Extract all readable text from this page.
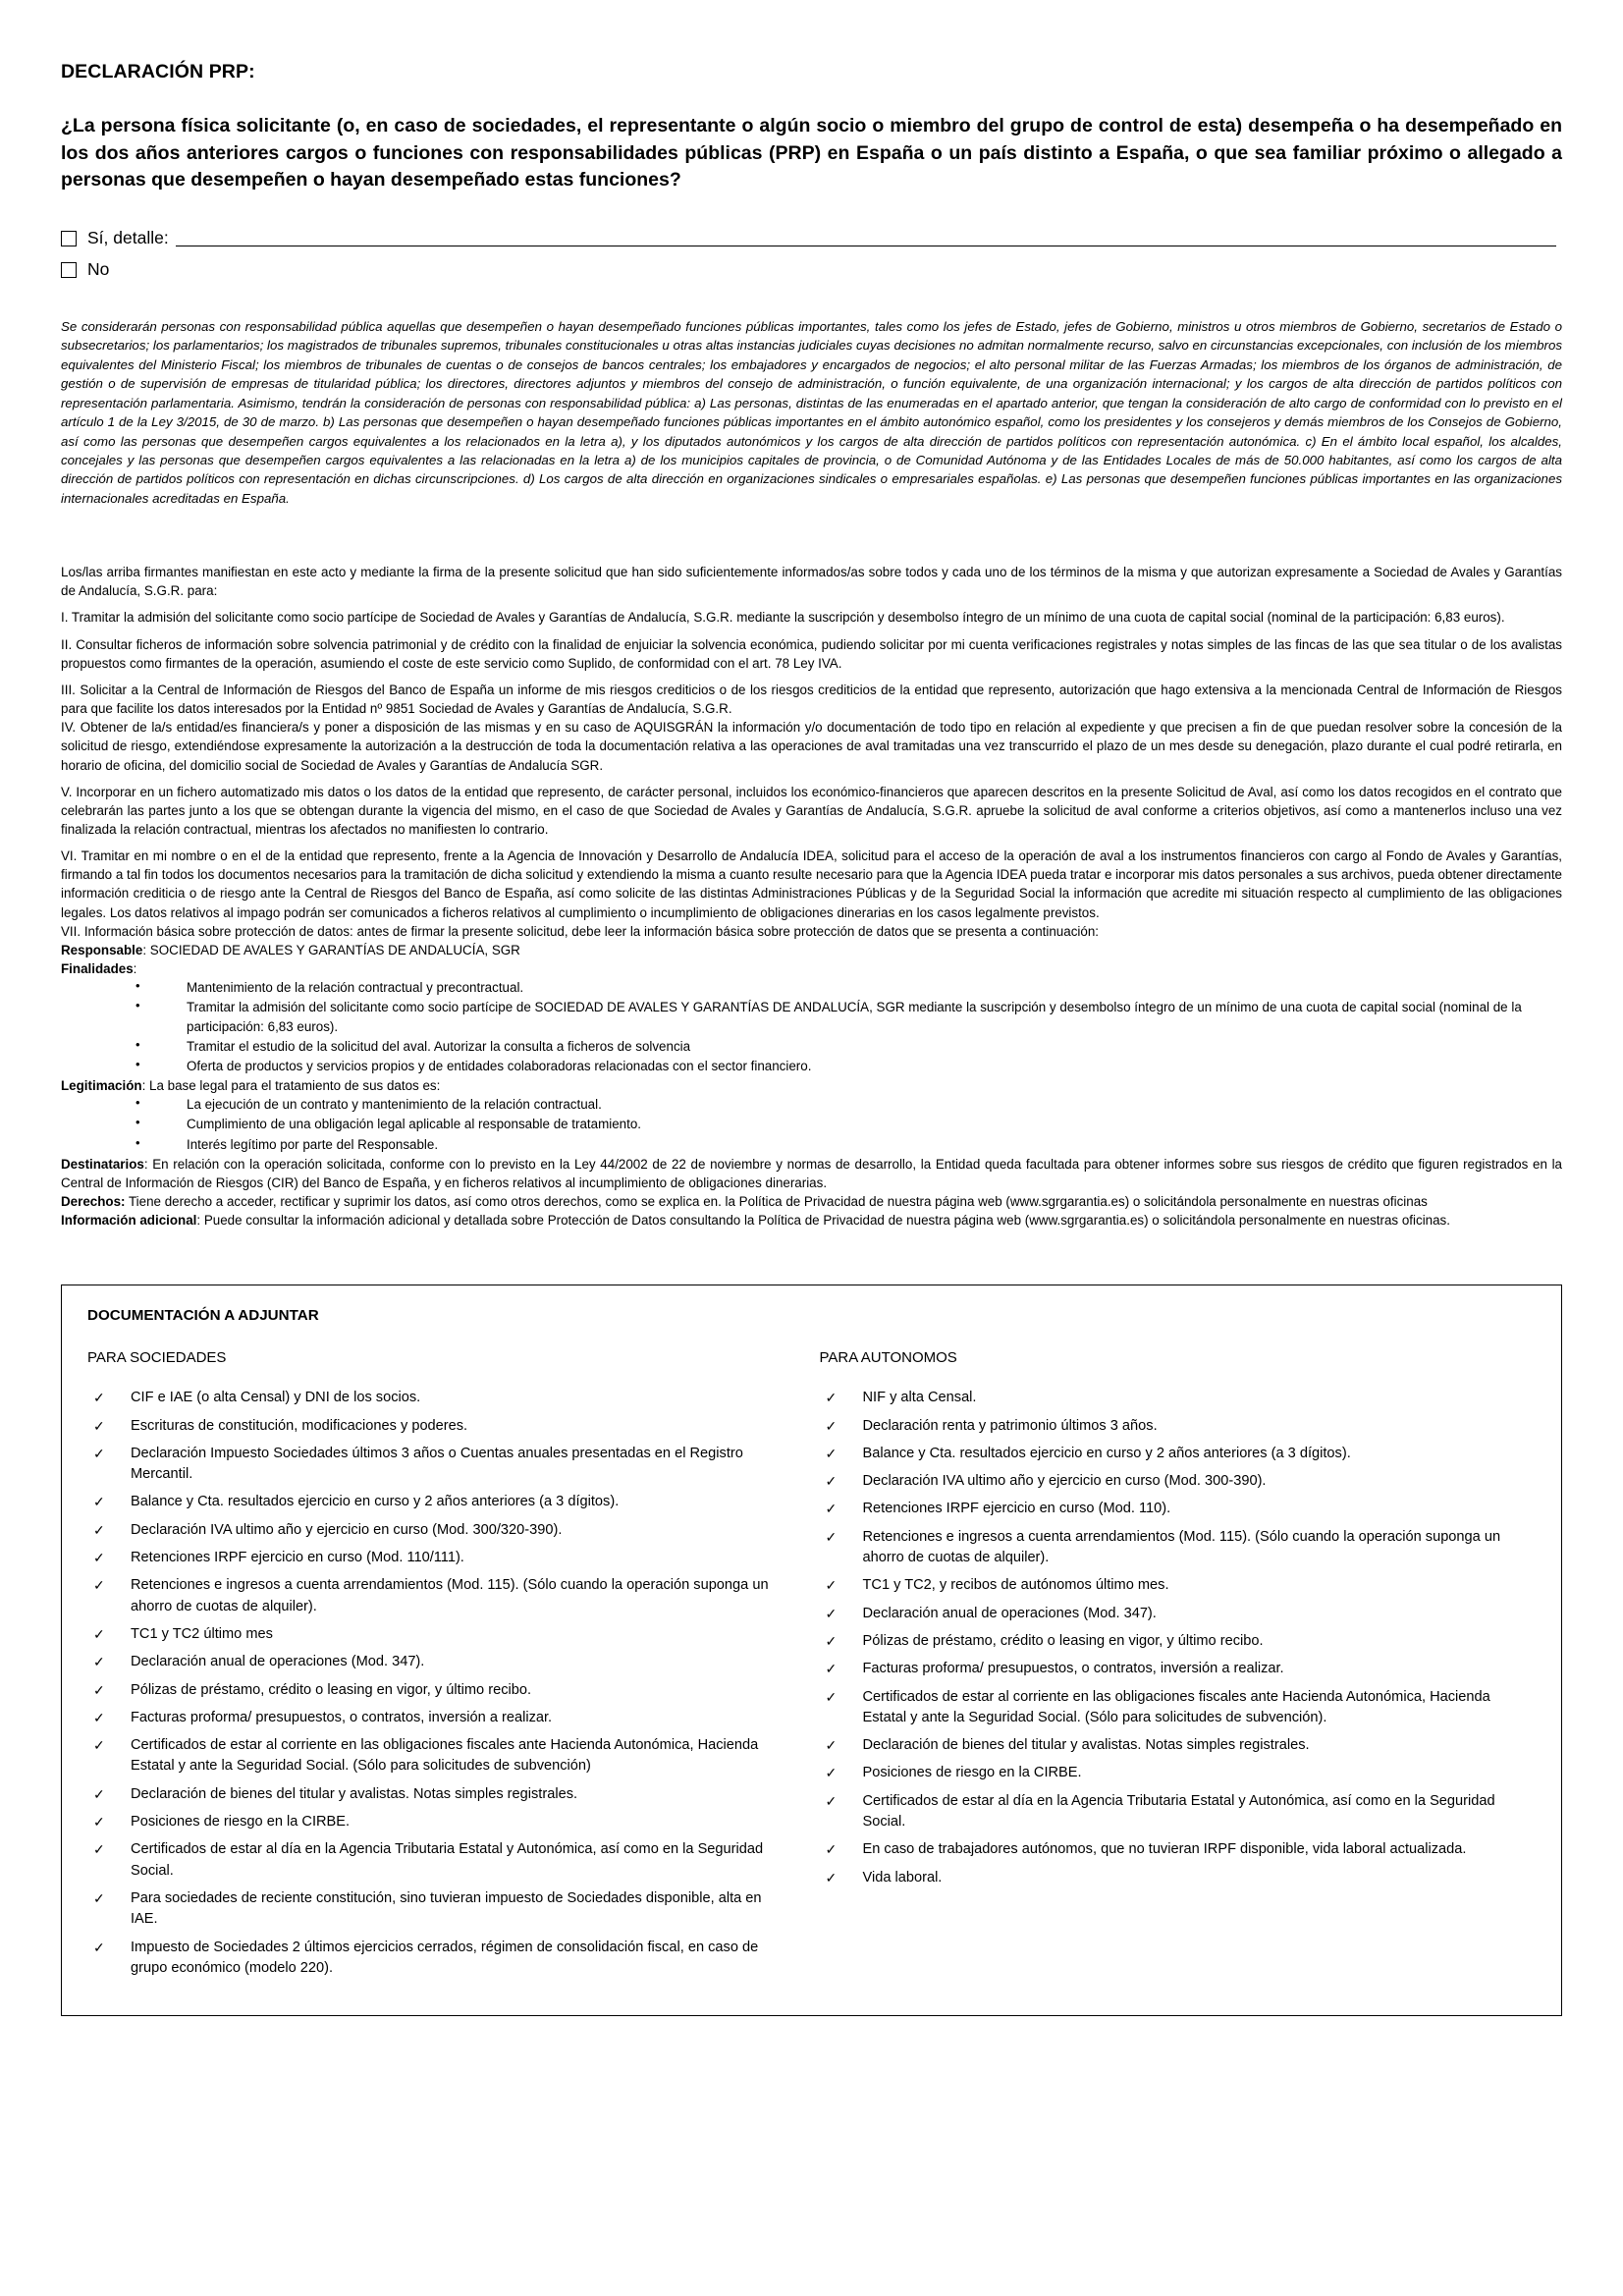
DECLARACIÓN PRP:

¿La persona física solicitante (o, en caso de sociedades, el representante o algún socio o miembro del grupo de control de esta) desempeña o ha desempeñado en los dos años anteriores cargos o funciones con responsabilidades públicas (PRP) en España o un país distinto a España, o que sea familiar próximo o allegado a personas que desempeñen o hayan desempeñado estas funciones?

Sí, detalle:
No

Se considerarán personas con responsabilidad pública aquellas que desempeñen o hayan desempeñado funciones públicas importantes, tales como los jefes de Estado, jefes de Gobierno, ministros u otros miembros de Gobierno, secretarios de Estado o subsecretarios; los parlamentarios; los magistrados de tribunales supremos, tribunales constitucionales u otras altas instancias judiciales cuyas decisiones no admitan normalmente recurso, salvo en circunstancias excepcionales, con inclusión de los miembros equivalentes del Ministerio Fiscal; los miembros de tribunales de cuentas o de consejos de bancos centrales; los embajadores y encargados de negocios; el alto personal militar de las Fuerzas Armadas; los miembros de los órganos de administración, de gestión o de supervisión de empresas de titularidad pública; los directores, directores adjuntos y miembros del consejo de administración, o función equivalente, de una organización internacional; y los cargos de alta dirección de partidos políticos con representación parlamentaria. Asimismo, tendrán la consideración de personas con responsabilidad pública: a) Las personas, distintas de las enumeradas en el apartado anterior, que tengan la consideración de alto cargo de conformidad con lo previsto en el artículo 1 de la Ley 3/2015, de 30 de marzo. b) Las personas que desempeñen o hayan desempeñado funciones públicas importantes en el ámbito autonómico español, como los presidentes y los consejeros y demás miembros de los Consejos de Gobierno, así como las personas que desempeñen cargos equivalentes a los relacionados en la letra a), y los diputados autonómicos y los cargos de alta dirección de partidos políticos con representación autonómica. c) En el ámbito local español, los alcaldes, concejales y las personas que desempeñen cargos equivalentes a las relacionadas en la letra a) de los municipios capitales de provincia, o de Comunidad Autónoma y de las Entidades Locales de más de 50.000 habitantes, así como los cargos de alta dirección de partidos políticos con representación en dichas circunscripciones. d) Los cargos de alta dirección en organizaciones sindicales o empresariales españolas. e) Las personas que desempeñen funciones públicas importantes en las organizaciones internacionales acreditadas en España.

Los/las arriba firmantes manifiestan en este acto y mediante la firma de la presente solicitud que han sido suficientemente informados/as sobre todos y cada uno de los términos de la misma y que autorizan expresamente a Sociedad de Avales y Garantías de Andalucía, S.G.R. para:

I. Tramitar la admisión del solicitante como socio partícipe de Sociedad de Avales y Garantías de Andalucía, S.G.R. mediante la suscripción y desembolso íntegro de un mínimo de una cuota de capital social (nominal de la participación: 6,83 euros).

II. Consultar ficheros de información sobre solvencia patrimonial y de crédito con la finalidad de enjuiciar la solvencia económica, pudiendo solicitar por mi cuenta verificaciones registrales y notas simples de las fincas de las que sea titular o de los avalistas propuestos como firmantes de la operación, asumiendo el coste de este servicio como Suplido, de conformidad con el art. 78 Ley IVA.

III. Solicitar a la Central de Información de Riesgos del Banco de España un informe de mis riesgos crediticios o de los riesgos crediticios de la entidad que represento, autorización que hago extensiva a la mencionada Central de Información de Riesgos para que facilite los datos interesados por la Entidad nº 9851 Sociedad de Avales y Garantías de Andalucía, S.G.R.

IV. Obtener de la/s entidad/es financiera/s y poner a disposición de las mismas y en su caso de AQUISGRÁN la información y/o documentación de todo tipo en relación al expediente y que precisen a fin de que puedan resolver sobre la concesión de la solicitud de riesgo, extendiéndose expresamente la autorización a la destrucción de toda la documentación relativa a las operaciones de aval tramitadas una vez transcurrido el plazo de un mes desde su denegación, plazo durante el cual podré retirarla, en horario de oficina, del domicilio social de Sociedad de Avales y Garantías de Andalucía SGR.

V. Incorporar en un fichero automatizado mis datos o los datos de la entidad que represento, de carácter personal, incluidos los económico-financieros que aparecen descritos en la presente Solicitud de Aval, así como los datos recogidos en el contrato que celebrarán las partes junto a los que se obtengan durante la vigencia del mismo, en el caso de que Sociedad de Avales y Garantías de Andalucía, S.G.R. apruebe la solicitud de aval conforme a criterios objetivos, así como a mantenerlos incluso una vez finalizada la relación contractual, mientras los afectados no manifiesten lo contrario.

VI. Tramitar en mi nombre o en el de la entidad que represento, frente a la Agencia de Innovación y Desarrollo de Andalucía IDEA, solicitud para el acceso de la operación de aval a los instrumentos financieros con cargo al Fondo de Avales y Garantías, firmando a tal fin todos los documentos necesarios para la tramitación de dicha solicitud y extendiendo la misma a cuanto resulte necesario para que la Agencia IDEA pueda tratar e incorporar mis datos personales a sus archivos, pueda obtener directamente información crediticia o de riesgo ante la Central de Riesgos del Banco de España, así como solicite de las distintas Administraciones Públicas y de la Seguridad Social la información que acredite mi situación respecto al cumplimiento de las obligaciones legales. Los datos relativos al impago podrán ser comunicados a ficheros relativos al cumplimiento o incumplimiento de obligaciones dinerarias en los casos legalmente previstos.

VII. Información básica sobre protección de datos: antes de firmar la presente solicitud, debe leer la información básica sobre protección de datos que se presenta a continuación:

Responsable: SOCIEDAD DE AVALES Y GARANTÍAS DE ANDALUCÍA, SGR

Finalidades:

• Mantenimiento de la relación contractual y precontractual.
• Tramitar la admisión del solicitante como socio partícipe de SOCIEDAD DE AVALES Y GARANTÍAS DE ANDALUCÍA, SGR mediante la suscripción y desembolso íntegro de un mínimo de una cuota de capital social (nominal de la participación: 6,83 euros).
• Tramitar el estudio de la solicitud del aval. Autorizar la consulta a ficheros de solvencia
• Oferta de productos y servicios propios y de entidades colaboradoras relacionadas con el sector financiero.

Legitimación: La base legal para el tratamiento de sus datos es:

• La ejecución de un contrato y mantenimiento de la relación contractual.
• Cumplimiento de una obligación legal aplicable al responsable de tratamiento.
• Interés legítimo por parte del Responsable.

Destinatarios: En relación con la operación solicitada, conforme con lo previsto en la Ley 44/2002 de 22 de noviembre y normas de desarrollo, la Entidad queda facultada para obtener informes sobre sus riesgos de crédito que figuren registrados en la Central de Información de Riesgos (CIR) del Banco de España, y en ficheros relativos al incumplimiento de obligaciones dinerarias.

Derechos: Tiene derecho a acceder, rectificar y suprimir los datos, así como otros derechos, como se explica en. la Política de Privacidad de nuestra página web (www.sgrgarantia.es) o solicitándola personalmente en nuestras oficinas

Información adicional: Puede consultar la información adicional y detallada sobre Protección de Datos consultando la Política de Privacidad de nuestra página web (www.sgrgarantia.es) o solicitándola personalmente en nuestras oficinas.

DOCUMENTACIÓN A ADJUNTAR
PARA SOCIEDADES
✓ CIF e IAE (o alta Censal) y DNI de los socios.
✓ Escrituras de constitución, modificaciones y poderes.
✓ Declaración Impuesto Sociedades últimos 3 años o Cuentas anuales presentadas en el Registro Mercantil.
✓ Balance y Cta. resultados ejercicio en curso y 2 años anteriores (a 3 dígitos).
✓ Declaración IVA ultimo año y ejercicio en curso (Mod. 300/320-390).
✓ Retenciones IRPF ejercicio en curso (Mod. 110/111).
✓ Retenciones e ingresos a cuenta arrendamientos (Mod. 115). (Sólo cuando la operación suponga un ahorro de cuotas de alquiler).
✓ TC1 y TC2 último mes
✓ Declaración anual de operaciones (Mod. 347).
✓ Pólizas de préstamo, crédito o leasing en vigor, y último recibo.
✓ Facturas proforma/ presupuestos, o contratos, inversión a realizar.
✓ Certificados de estar al corriente en las obligaciones fiscales ante Hacienda Autonómica, Hacienda Estatal y ante la Seguridad Social. (Sólo para solicitudes de subvención)
✓ Declaración de bienes del titular y avalistas. Notas simples registrales.
✓ Posiciones de riesgo en la CIRBE.
✓ Certificados de estar al día en la Agencia Tributaria Estatal y Autonómica, así como en la Seguridad Social.
✓ Para sociedades de reciente constitución, sino tuvieran impuesto de Sociedades disponible, alta en IAE.
✓ Impuesto de Sociedades 2 últimos ejercicios cerrados, régimen de consolidación fiscal, en caso de grupo económico (modelo 220).
PARA AUTONOMOS
✓ NIF y alta Censal.
✓ Declaración renta y patrimonio últimos 3 años.
✓ Balance y Cta. resultados ejercicio en curso y 2 años anteriores (a 3 dígitos).
✓ Declaración IVA ultimo año y ejercicio en curso (Mod. 300-390).
✓ Retenciones IRPF ejercicio en curso (Mod. 110).
✓ Retenciones e ingresos a cuenta arrendamientos (Mod. 115). (Sólo cuando la operación suponga un ahorro de cuotas de alquiler).
✓ TC1 y TC2, y recibos de autónomos último mes.
✓ Declaración anual de operaciones (Mod. 347).
✓ Pólizas de préstamo, crédito o leasing en vigor, y último recibo.
✓ Facturas proforma/ presupuestos, o contratos, inversión a realizar.
✓ Certificados de estar al corriente en las obligaciones fiscales ante Hacienda Autonómica, Hacienda Estatal y ante la Seguridad Social. (Sólo para solicitudes de subvención).
✓ Declaración de bienes del titular y avalistas. Notas simples registrales.
✓ Posiciones de riesgo en la CIRBE.
✓ Certificados de estar al día en la Agencia Tributaria Estatal y Autonómica, así como en la Seguridad Social.
✓ En caso de trabajadores autónomos, que no tuvieran IRPF disponible, vida laboral actualizada.
✓ Vida laboral.
